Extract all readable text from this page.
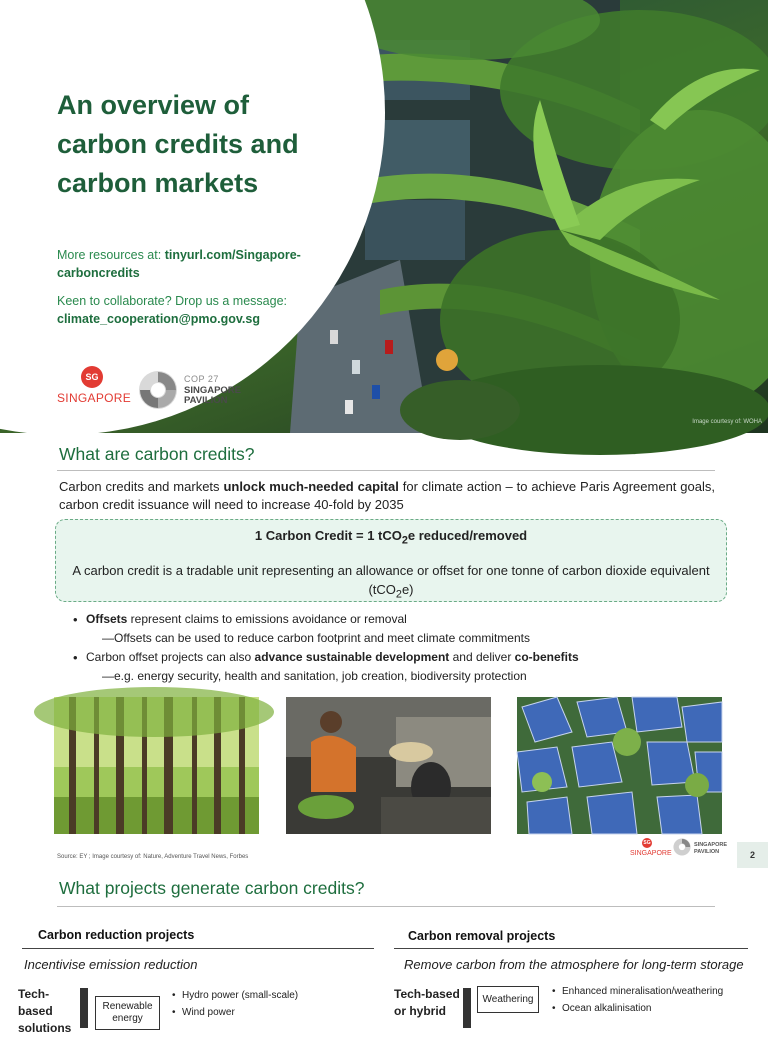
An overview of
carbon credits and
carbon markets
More resources at: tinyurl.com/Singapore-
carboncredits
Keen to collaborate? Drop us a message:
climate_cooperation@pmo.gov.sg
SG
SINGAPORE
COP 27
SINGAPORE
PAVILION
Image courtesy of: WOHA
What are carbon credits?
Carbon credits and markets unlock much-needed capital for climate action – to achieve Paris Agreement goals, carbon credit issuance will need to increase 40-fold by 2035
1 Carbon Credit = 1 tCO$_2$e reduced/removed
A carbon credit is a tradable unit representing an allowance or offset for one tonne of carbon dioxide equivalent (tCO$_2$e)
• Offsets represent claims to emissions avoidance or removal
—Offsets can be used to reduce carbon footprint and meet climate commitments
• Carbon offset projects can also advance sustainable development and deliver co-benefits
—e.g. energy security, health and sanitation, job creation, biodiversity protection
Source: EY ; Image courtesy of: Nature, Adventure Travel News, Forbes
SG
SINGAPORE
SINGAPORE
PAVILION	2
What projects generate carbon credits?
Carbon reduction projects
Incentivise emission reduction
Tech-
based
solutions
Renewable
energy
• Hydro power (small-scale)
• Wind power
Carbon removal projects
Remove carbon from the atmosphere for long-term storage
Tech-based
or hybrid
Weathering
• Enhanced mineralisation/weathering
• Ocean alkalinisation
